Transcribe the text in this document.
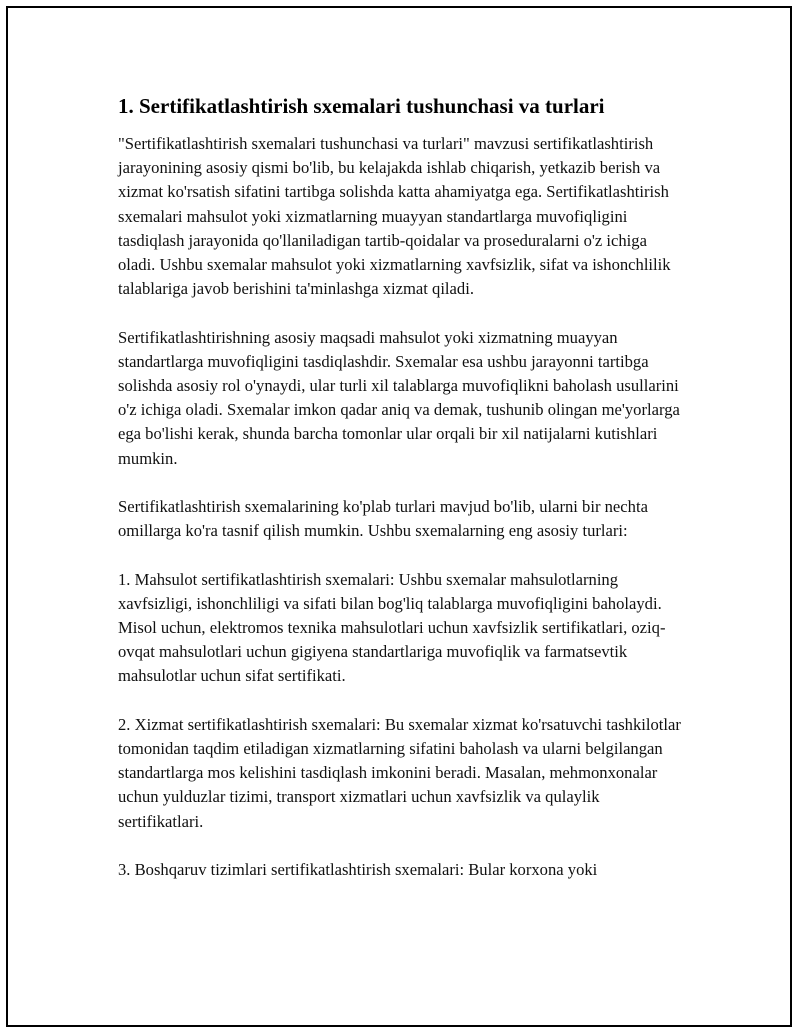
1. Sertifikatlashtirish sxemalari tushunchasi va turlari

"Sertifikatlashtirish sxemalari tushunchasi va turlari" mavzusi sertifikatlashtirish jarayonining asosiy qismi bo'lib, bu kelajakda ishlab chiqarish, yetkazib berish va xizmat ko'rsatish sifatini tartibga solishda katta ahamiyatga ega. Sertifikatlashtirish sxemalari mahsulot yoki xizmatlarning muayyan standartlarga muvofiqligini tasdiqlash jarayonida qo'llaniladigan tartib-qoidalar va proseduralarni o'z ichiga oladi. Ushbu sxemalar mahsulot yoki xizmatlarning xavfsizlik, sifat va ishonchlilik talablariga javob berishini ta'minlashga xizmat qiladi.

Sertifikatlashtirishning asosiy maqsadi mahsulot yoki xizmatning muayyan standartlarga muvofiqligini tasdiqlashdir. Sxemalar esa ushbu jarayonni tartibga solishda asosiy rol o'ynaydi, ular turli xil talablarga muvofiqlikni baholash usullarini o'z ichiga oladi. Sxemalar imkon qadar aniq va demak, tushunib olingan me'yorlarga ega bo'lishi kerak, shunda barcha tomonlar ular orqali bir xil natijalarni kutishlari mumkin.

Sertifikatlashtirish sxemalarining ko'plab turlari mavjud bo'lib, ularni bir nechta omillarga ko'ra tasnif qilish mumkin. Ushbu sxemalarning eng asosiy turlari:

1. Mahsulot sertifikatlashtirish sxemalari: Ushbu sxemalar mahsulotlarning xavfsizligi, ishonchliligi va sifati bilan bog'liq talablarga muvofiqligini baholaydi. Misol uchun, elektromos texnika mahsulotlari uchun xavfsizlik sertifikatlari, oziq-ovqat mahsulotlari uchun gigiyena standartlariga muvofiqlik va farmatsevtik mahsulotlar uchun sifat sertifikati.

2. Xizmat sertifikatlashtirish sxemalari: Bu sxemalar xizmat ko'rsatuvchi tashkilotlar tomonidan taqdim etiladigan xizmatlarning sifatini baholash va ularni belgilangan standartlarga mos kelishini tasdiqlash imkonini beradi. Masalan, mehmonxonalar uchun yulduzlar tizimi, transport xizmatlari uchun xavfsizlik va qulaylik sertifikatlari.

3. Boshqaruv tizimlari sertifikatlashtirish sxemalari: Bular korxona yoki
